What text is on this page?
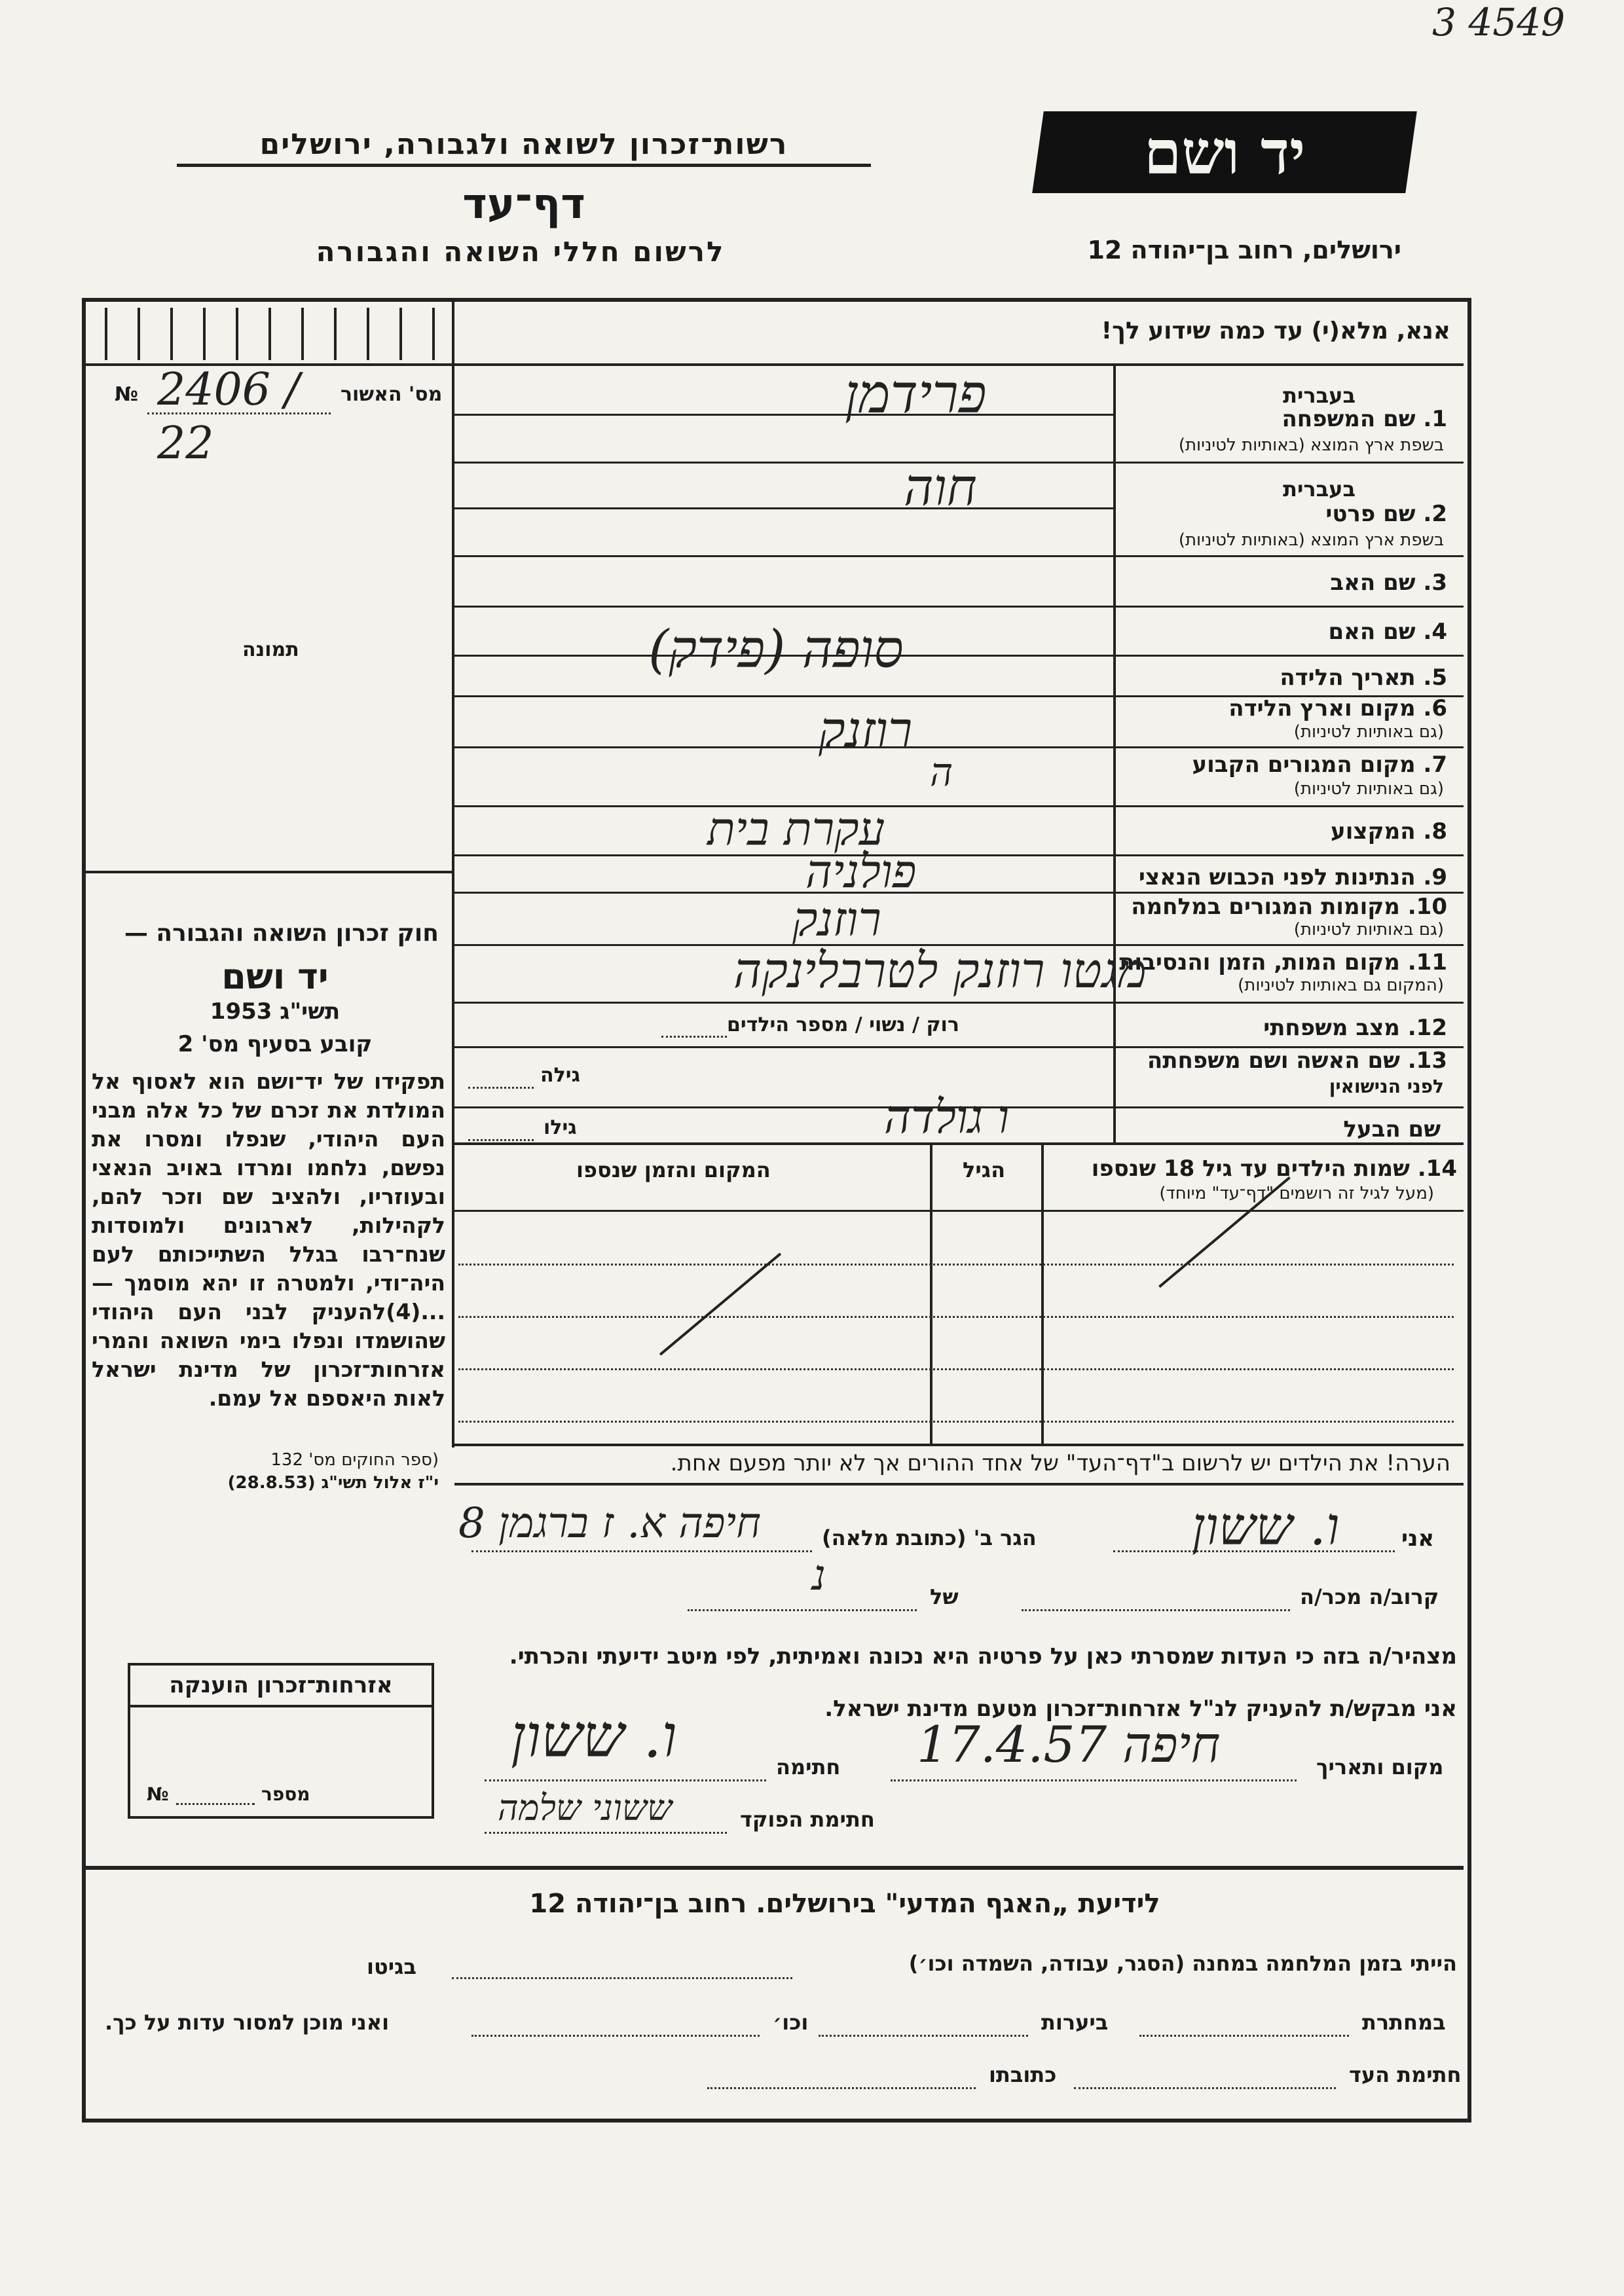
3 4549
רשות־זכרון לשואה ולגבורה, ירושלים
דף־עד
לרשום חללי השואה והגבורה
יד ושם
ירושלים, רחוב בן־יהודה 12
אנא, מלא(י) עד כמה שידוע לך!
מס' האשור
№ 2406 / 22
תמונה
בעברית
1. שם המשפחה
בשפת ארץ המוצא (באותיות לטיניות)
בעברית
2. שם פרטי
בשפת ארץ המוצא (באותיות לטיניות)
3. שם האב
4. שם האם
5. תאריך הלידה
6. מקום וארץ הלידה
(גם באותיות לטיניות)
7. מקום המגורים הקבוע
(גם באותיות לטיניות)
8. המקצוע
9. הנתינות לפני הכבוש הנאצי
10. מקומות המגורים במלחמה
(גם באותיות לטיניות)
11. מקום המות, הזמן והנסיבות
(המקום גם באותיות לטיניות)
12. מצב משפחתי
13. שם האשה ושם משפחתה
לפני הנישואין
שם הבעל
פרידמן
חוה
סופה (פידק)
רוזנק
ה
עקרת בית
פולניה
רוזנק
מגטו רוזנק לטרבלינקה
רוק / נשוי / מספר הילדים
גילה
ו גולדה
גילו
14. שמות הילדים עד גיל 18 שנספו
(מעל לגיל זה רושמים "דף־עד" מיוחד)
הגיל
המקום והזמן שנספו
חוק זכרון השואה והגבורה —
יד ושם
תשי"ג 1953
קובע בסעיף מס' 2
תפקידו של יד־ושם הוא לאסוף אל המולדת את זכרם של כל אלה מבני העם היהודי, שנפלו ומסרו את נפשם, נלחמו ומרדו באויב הנאצי ובעוזריו, ולהציב שם וזכר להם, לקהילות, לארגונים ולמוסדות שנח־רבו בגלל השתייכותם לעם היה־ודי, ולמטרה זו יהא מוסמך — ...(4)להעניק לבני העם היהודי שהושמדו ונפלו בימי השואה והמרי אזרחות־זכרון של מדינת ישראל לאות היאספם אל עמם.
(ספר החוקים מס' 132
י"ז אלול תשי"ג (28.8.53)
הערה! את הילדים יש לרשום ב"דף־העד" של אחד ההורים אך לא יותר מפעם אחת.
אני
ו. ששון
הגר ב' (כתובת מלאה)
חיפה א. ז ברגמן 8
קרוב/ה מכר/ה
של
נ
מצהיר/ה בזה כי העדות שמסרתי כאן על פרטיה היא נכונה ואמיתית, לפי מיטב ידיעתי והכרתי.
אני מבקש/ת להעניק לנ"ל אזרחות־זכרון מטעם מדינת ישראל.
מקום ותאריך
חיפה 17.4.57
חתימה
ו. ששון
חתימת הפוקד
ששוני שלמה
אזרחות־זכרון הוענקה
מספר
№
לידיעת „האגף המדעי" בירושלים. רחוב בן־יהודה 12
הייתי בזמן המלחמה במחנה (הסגר, עבודה, השמדה וכו׳)
בגיטו
במחתרת
ביערות
וכו׳
ואני מוכן למסור עדות על כך.
חתימת העד
כתובתו
